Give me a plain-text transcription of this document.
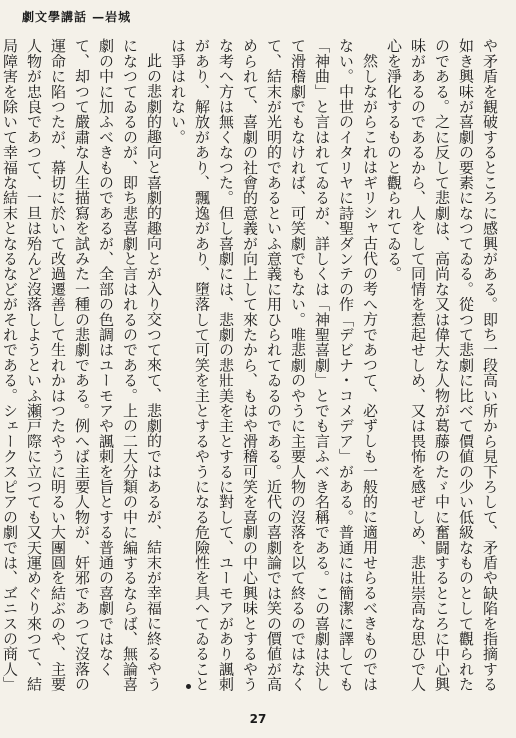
劇文學講話 —岩城

や矛盾を観破するところに感興がある。即ち一段高い所から見下ろして、矛盾や缺陷を指摘する如き興味が喜劇の要素になつてゐる。從つて悲劇に比べて價値の少い低級なものとして觀られたのである。之に反して悲劇は、高尚な又は偉大な人物が葛藤のたゞ中に奮闘するところに中心興味があるのであるから、人をして同情を惹起せしめ、又は畏怖を感ぜしめ、悲壯崇高な思ひで人心を淨化するものと觀られてゐる。

然しながらこれはギリシャ古代の考へ方であつて、必ずしも一般的に適用せらるべきものではない。中世のイタリヤに詩聖ダンテの作「デビナ・コメデア」がある。普通には簡潔に譯しても「神曲」と言はれてゐるが、詳しくは「神聖喜劇」とでも言ふべき名稱である。この喜劇は決して滑稽劇でもなければ、可笑劇でもない。唯悲劇のやうに主要人物の沒落を以て終るのではなくて、結末が光明的であるといふ意義に用ひられてゐるのである。近代の喜劇論では笑の價値が高められて、喜劇の社會的意義が向上して來たから、もはや滑稽可笑を喜劇の中心興味とするやうな考へ方は無くなつた。但し喜劇には、悲劇の悲壯美を主とするに對して、ユーモアがあり諷刺があり、解放があり、飄逸があり、墮落して可笑を主とするやうになる危險性を具へてゐることは爭はれない。

此の悲劇的趣向と喜劇的趣向とが入り交つて來て、悲劇的ではあるが、結末が幸福に終るやうになつてゐるのが、即ち悲喜劇と言はれるのである。上の二大分類の中に編するならば、無論喜劇の中に加ふべきものであるが、全部の色調はユーモアや諷刺を旨とする普通の喜劇ではなくて、却つて嚴肅な人生描寫を試みた一種の悲劇である。例へば主要人物が、奸邪であつて沒落の運命に陷つたが、幕切に於いて改過遷善して生れかはつたやうに明るい大團圓を結ぶのや、主要人物が忠良であつて、一旦は殆んど沒落しようといふ瀬戸際に立つても又天運めぐり來つて、結局障害を除いて幸福な結末となるなどがそれである。シェークスピアの劇では、ヹニスの商人」

27
